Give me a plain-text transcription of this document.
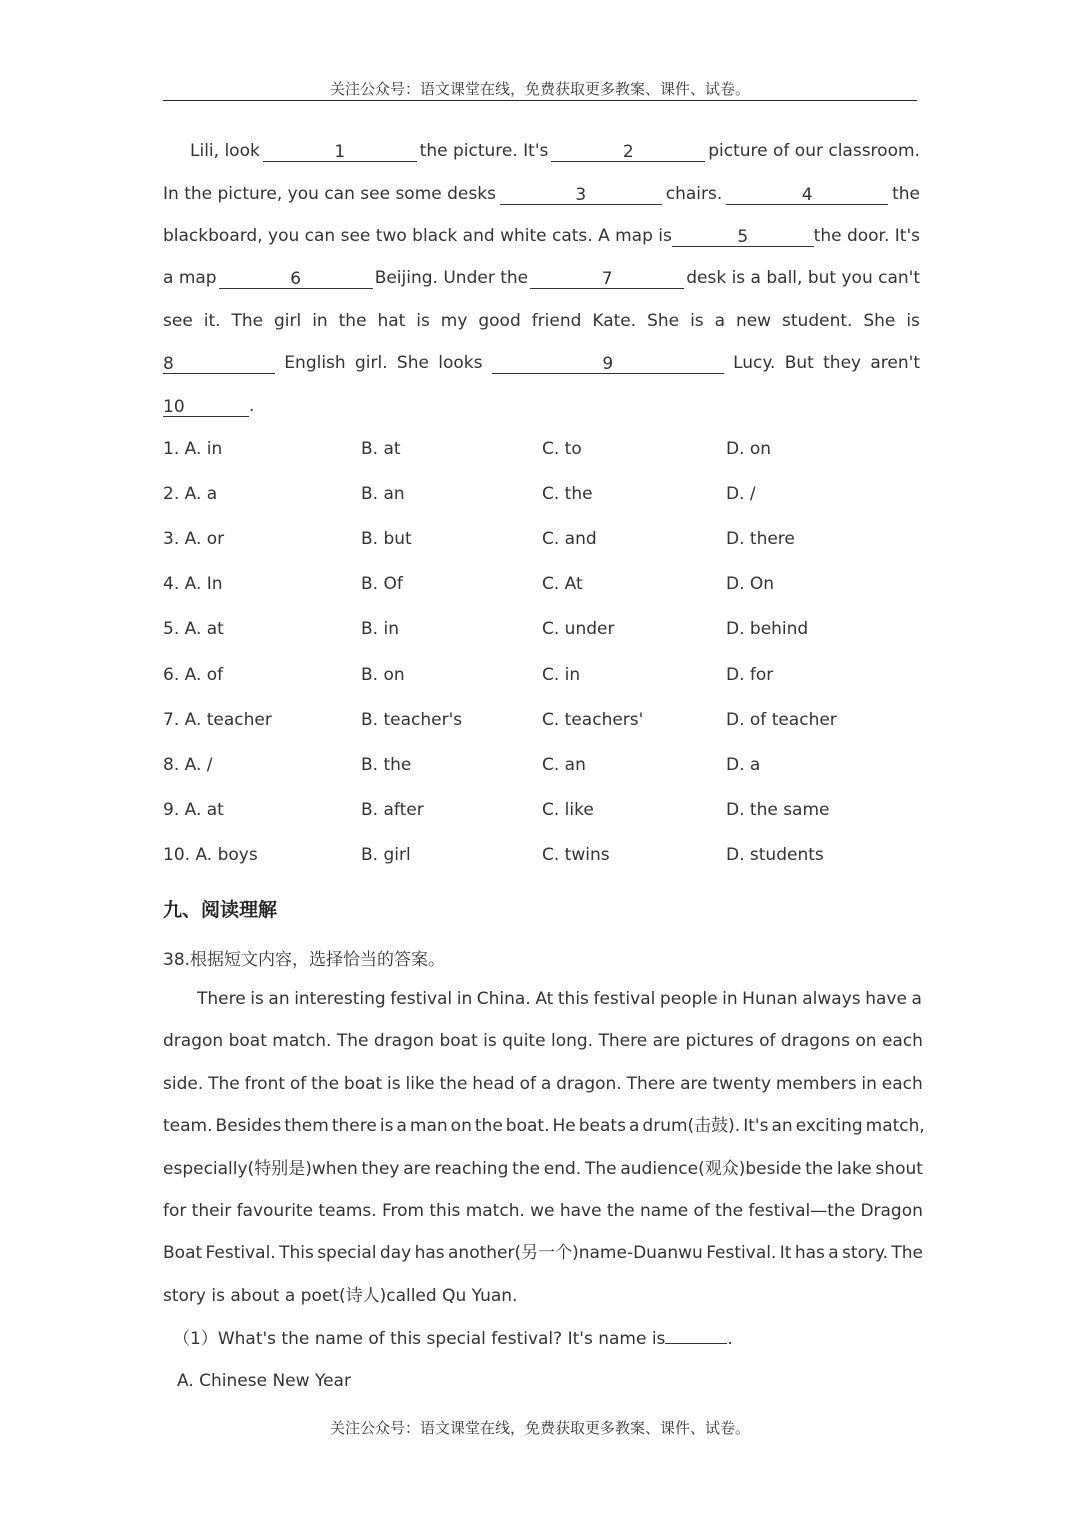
关注公众号：语文课堂在线，免费获取更多教案、课件、试卷。
Lili, look	1	the picture. It's	2	picture of our classroom.
In the picture, you can see some desks	3	chairs.	4	the
blackboard, you can see two black and white cats. A map is	5	the door. It's
a map	6	Beijing. Under the	7	desk is a ball, but you can't
see it. The girl in the hat is my good friend Kate. She is a new student. She is
8	English girl. She looks	9	Lucy. But they aren't
10	.
1. A. in	B. at	C. to	D. on
2. A. a	B. an	C. the	D. /
3. A. or	B. but	C. and	D. there
4. A. In	B. Of	C. At	D. On
5. A. at	B. in	C. under	D. behind
6. A. of	B. on	C. in	D. for
7. A. teacher	B. teacher's	C. teachers'	D. of teacher
8. A. /	B. the	C. an	D. a
9. A. at	B. after	C. like	D. the same
10. A. boys	B. girl	C. twins	D. students
九、阅读理解
38.根据短文内容，选择恰当的答案。
There is an interesting festival in China. At this festival people in Hunan always have a
dragon boat match. The dragon boat is quite long. There are pictures of dragons on each
side. The front of the boat is like the head of a dragon. There are twenty members in each
team. Besides them there is a man on the boat. He beats a drum(击鼓). It's an exciting match,
especially(特别是)when they are reaching the end. The audience(观众)beside the lake shout
for their favourite teams. From this match. we have the name of the festival—the Dragon
Boat Festival. This special day has another(另一个)name-Duanwu Festival. It has a story. The
story is about a poet(诗人)called Qu Yuan.
（1）What's the name of this special festival? It's name is	.
A. Chinese New Year
关注公众号：语文课堂在线，免费获取更多教案、课件、试卷。
